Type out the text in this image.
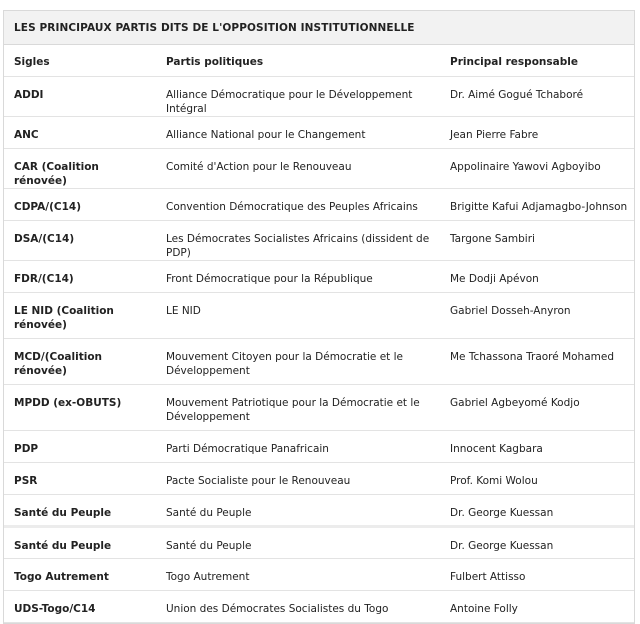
LES PRINCIPAUX PARTIS DITS DE L'OPPOSITION INSTITUTIONNELLE
Sigles	Partis politiques	Principal responsable
ADDI	Alliance Démocratique pour le Développement Intégral	Dr. Aimé Gogué Tchaboré
ANC	Alliance National pour le Changement	Jean Pierre Fabre
CAR (Coalition rénovée)	Comité d'Action pour le Renouveau	Appolinaire Yawovi Agboyibo
CDPA/(C14)	Convention Démocratique des Peuples Africains	Brigitte Kafui Adjamagbo-Johnson
DSA/(C14)	Les Démocrates Socialistes Africains (dissident de PDP)	Targone Sambiri
FDR/(C14)	Front Démocratique pour la République	Me Dodji Apévon
LE NID (Coalition rénovée)	LE NID	Gabriel Dosseh-Anyron
MCD/(Coalition rénovée)	Mouvement Citoyen pour la Démocratie et le Développement	Me Tchassona Traoré Mohamed
MPDD (ex-OBUTS)	Mouvement Patriotique pour la Démocratie et le Développement	Gabriel Agbeyomé Kodjo
PDP	Parti Démocratique Panafricain	Innocent Kagbara
PSR	Pacte Socialiste pour le Renouveau	Prof. Komi Wolou
Santé du Peuple	Santé du Peuple	Dr. George Kuessan
Santé du Peuple	Santé du Peuple	Dr. George Kuessan
Togo Autrement	Togo Autrement	Fulbert Attisso
UDS-Togo/C14	Union des Démocrates Socialistes du Togo	Antoine Folly
